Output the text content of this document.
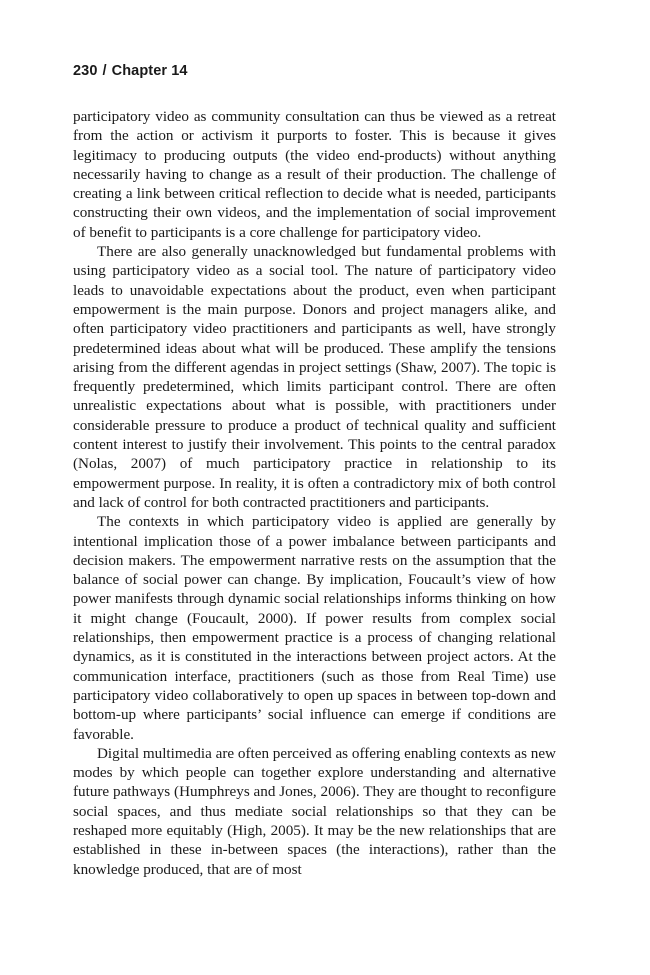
230 / Chapter 14

participatory video as community consultation can thus be viewed as a retreat from the action or activism it purports to foster. This is because it gives legitimacy to producing outputs (the video end-products) without anything necessarily having to change as a result of their production. The challenge of creating a link between critical reflection to decide what is needed, participants constructing their own videos, and the implementation of social improvement of benefit to participants is a core challenge for participatory video.

There are also generally unacknowledged but fundamental problems with using participatory video as a social tool. The nature of participatory video leads to unavoidable expectations about the product, even when participant empowerment is the main purpose. Donors and project managers alike, and often participatory video practitioners and participants as well, have strongly predetermined ideas about what will be produced. These amplify the tensions arising from the different agendas in project settings (Shaw, 2007). The topic is frequently predetermined, which limits participant control. There are often unrealistic expectations about what is possible, with practitioners under considerable pressure to produce a product of technical quality and sufficient content interest to justify their involvement. This points to the central paradox (Nolas, 2007) of much participatory practice in relationship to its empowerment purpose. In reality, it is often a contradictory mix of both control and lack of control for both contracted practitioners and participants.

The contexts in which participatory video is applied are generally by intentional implication those of a power imbalance between participants and decision makers. The empowerment narrative rests on the assumption that the balance of social power can change. By implication, Foucault’s view of how power manifests through dynamic social relationships informs thinking on how it might change (Foucault, 2000). If power results from complex social relationships, then empowerment practice is a process of changing relational dynamics, as it is constituted in the interactions between project actors. At the communication interface, practitioners (such as those from Real Time) use participatory video collaboratively to open up spaces in between top-down and bottom-up where participants’ social influence can emerge if conditions are favorable.

Digital multimedia are often perceived as offering enabling contexts as new modes by which people can together explore understanding and alternative future pathways (Humphreys and Jones, 2006). They are thought to reconfigure social spaces, and thus mediate social relationships so that they can be reshaped more equitably (High, 2005). It may be the new relationships that are established in these in-between spaces (the interactions), rather than the knowledge produced, that are of most
